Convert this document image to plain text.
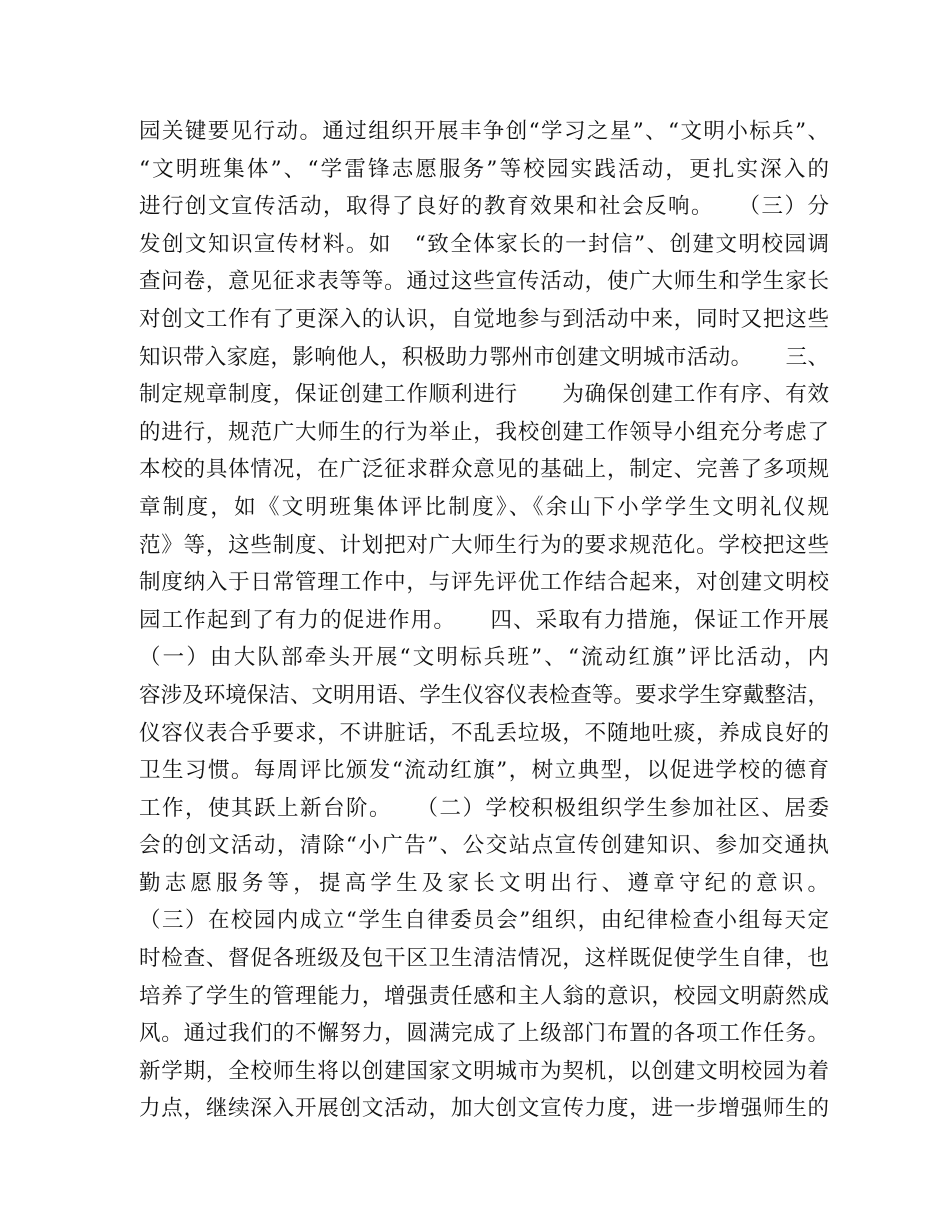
园关键要见行动。通过组织开展丰争创“学习之星”、“文明小标兵”、
“文明班集体”、“学雷锋志愿服务”等校园实践活动，更扎实深入的
进行创文宣传活动，取得了良好的教育效果和社会反响。　　（三）分
发创文知识宣传材料。如　“致全体家长的一封信”、创建文明校园调
查问卷，意见征求表等等。通过这些宣传活动，使广大师生和学生家长
对创文工作有了更深入的认识，自觉地参与到活动中来，同时又把这些
知识带入家庭，影响他人，积极助力鄂州市创建文明城市活动。　　三、
制定规章制度，保证创建工作顺利进行　　为确保创建工作有序、有效
的进行，规范广大师生的行为举止，我校创建工作领导小组充分考虑了
本校的具体情况，在广泛征求群众意见的基础上，制定、完善了多项规
章制度，如《文明班集体评比制度》、《余山下小学学生文明礼仪规
范》等，这些制度、计划把对广大师生行为的要求规范化。学校把这些
制度纳入于日常管理工作中，与评先评优工作结合起来，对创建文明校
园工作起到了有力的促进作用。　　四、采取有力措施，保证工作开展
（一）由大队部牵头开展“文明标兵班”、“流动红旗”评比活动，内
容涉及环境保洁、文明用语、学生仪容仪表检查等。要求学生穿戴整洁，
仪容仪表合乎要求，不讲脏话，不乱丢垃圾，不随地吐痰，养成良好的
卫生习惯。每周评比颁发“流动红旗”，树立典型，以促进学校的德育
工作，使其跃上新台阶。　　（二）学校积极组织学生参加社区、居委
会的创文活动，清除“小广告”、公交站点宣传创建知识、参加交通执
勤志愿服务等，提高学生及家长文明出行、遵章守纪的意识。
（三）在校园内成立“学生自律委员会”组织，由纪律检查小组每天定
时检查、督促各班级及包干区卫生清洁情况，这样既促使学生自律，也
培养了学生的管理能力，增强责任感和主人翁的意识，校园文明蔚然成
风。通过我们的不懈努力，圆满完成了上级部门布置的各项工作任务。
新学期，全校师生将以创建国家文明城市为契机，以创建文明校园为着
力点，继续深入开展创文活动，加大创文宣传力度，进一步增强师生的
